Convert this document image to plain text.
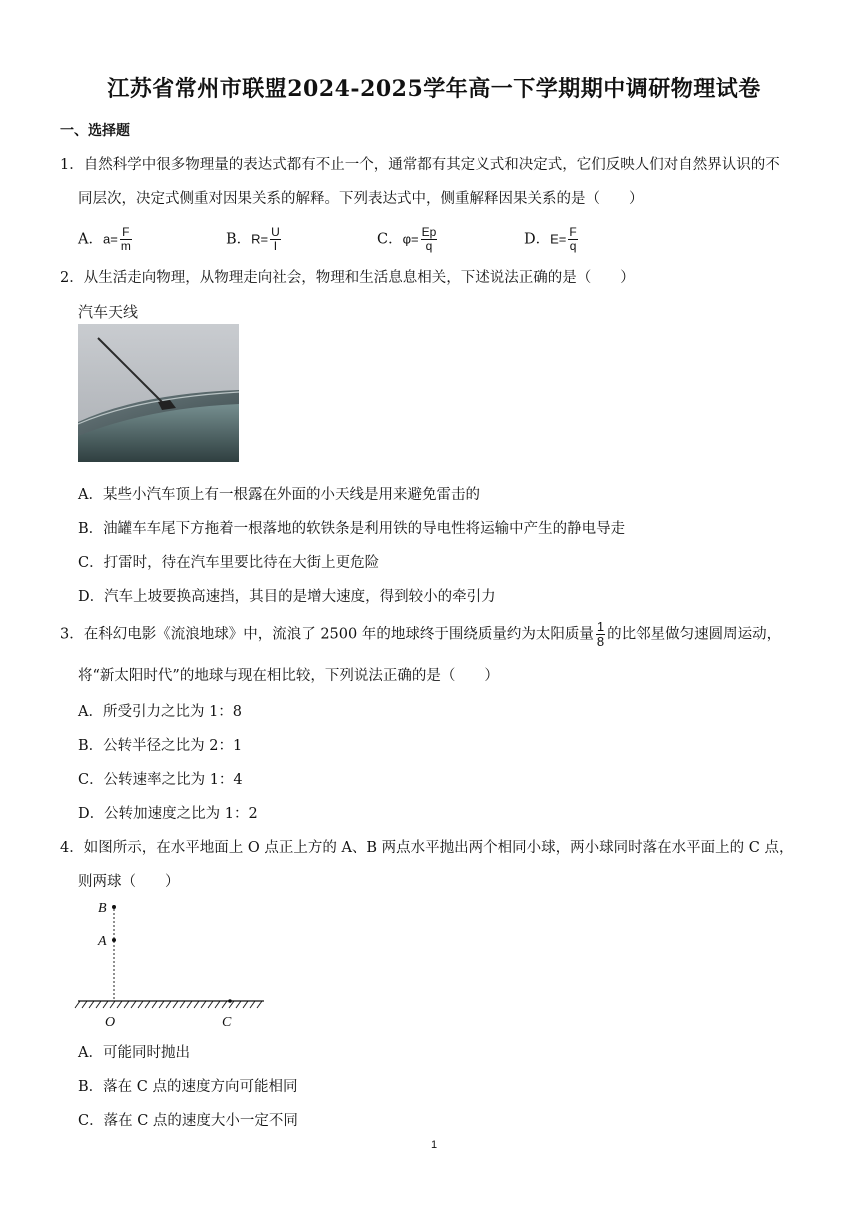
江苏省常州市联盟2024-2025学年高一下学期期中调研物理试卷
一、选择题
1．自然科学中很多物理量的表达式都有不止一个，通常都有其定义式和决定式，它们反映人们对自然界认识的不
同层次，决定式侧重对因果关系的解释。下列表达式中，侧重解释因果关系的是（　　）
A．$a= \frac{F}{m}$	B．$R= \frac{U}{I}$	C．$\varphi= \frac{Ep}{q}$	D．$E= \frac{F}{q}$
2．从生活走向物理，从物理走向社会，物理和生活息息相关，下述说法正确的是（　　）
汽车天线
A．某些小汽车顶上有一根露在外面的小天线是用来避免雷击的
B．油罐车车尾下方拖着一根落地的软铁条是利用铁的导电性将运输中产生的静电导走
C．打雷时，待在汽车里要比待在大街上更危险
D．汽车上坡要换高速挡，其目的是增大速度，得到较小的牵引力
3．在科幻电影《流浪地球》中，流浪了 2500 年的地球终于围绕质量约为太阳质量 $\frac{1}{8}$ 的比邻星做匀速圆周运动，
将“新太阳时代”的地球与现在相比较，下列说法正确的是（　　）
A．所受引力之比为 1：8
B．公转半径之比为 2：1
C．公转速率之比为 1：4
D．公转加速度之比为 1：2
4．如图所示，在水平地面上 O 点正上方的 A、B 两点水平抛出两个相同小球，两小球同时落在水平面上的 C 点，
则两球（　　）
B
A
O	C
A．可能同时抛出
B．落在 C 点的速度方向可能相同
C．落在 C 点的速度大小一定不同
1
